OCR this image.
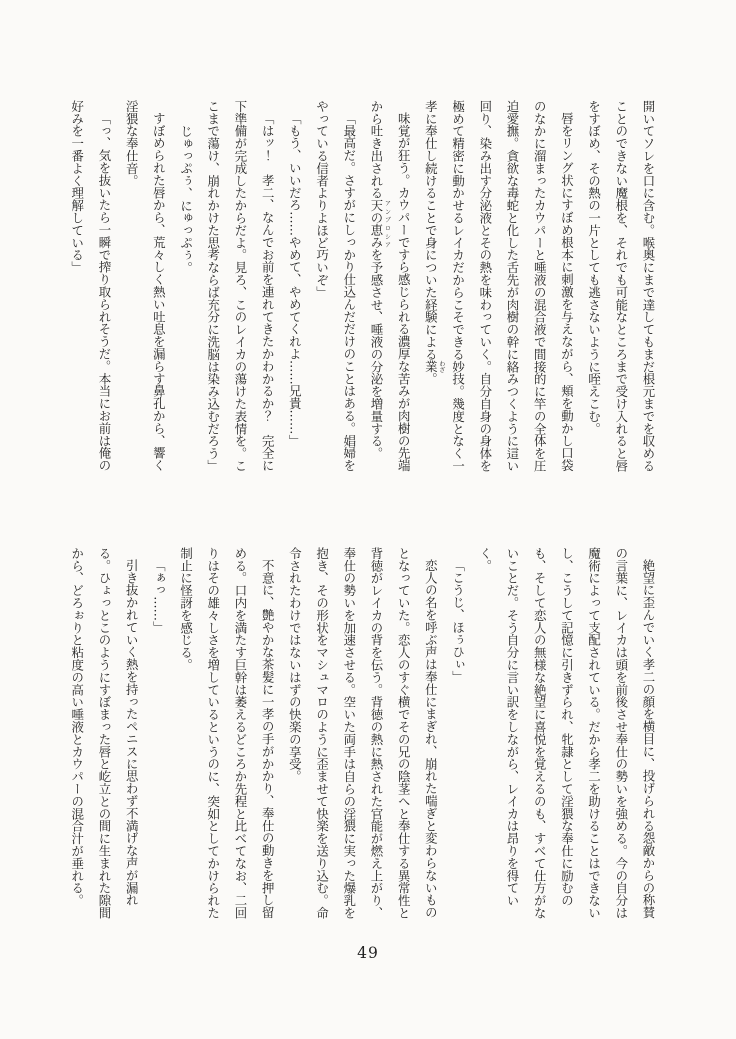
開いてソレを口に含む。喉奥にまで達してもまだ根元までを収めることのできない魔根を、それでも可能なところまで受け入れると唇をすぼめ、その熱の一片としても逃さないように咥えこむ。

唇をリング状にすぼめ根本に刺激を与えながら、頬を動かし口袋のなかに溜まったカウパーと唾液の混合液で間接的に竿の全体を圧迫愛撫。貪欲な毒蛇と化した舌先が肉樹の幹に絡みつくように這い回り、染み出す分泌液とその熱を味わっていく。自分自身の身体を極めて精密に動かせるレイカだからこそできる妙技。幾度となく一孝に奉仕し続けることで身についた経験による業 わざ。

味覚が狂う。カウパーですら感じられる濃厚な苦みが肉樹の先端から吐き出される天の恵み アンブロシアを予感させ、唾液の分泌を増量する。

「最高だ。さすがにしっかり仕込んだだけのことはある。娼婦をやっている信者よりよほど巧いぞ」

「もう、いいだろ……やめて、やめてくれよ……兄貴……」

「はッ！　孝二、なんでお前を連れてきたかわかるか？　完全に下準備が完成したからだよ。見ろ、このレイカの蕩けた表情を。ここまで蕩け、崩れかけた思考ならば充分に洗脳は染み込むだろう」

じゅっぷぅ、にゅっぷぅ。

すぼめられた唇から、荒々しく熱い吐息を漏らす鼻孔から、響く淫猥な奉仕音。

「っ、気を抜いたら一瞬で搾り取られそうだ。本当にお前は俺の好みを一番よく理解している」

絶望に歪んでいく孝二の顔を横目に、投げられる怨敵からの称賛の言葉に、レイカは頭を前後させ奉仕の勢いを強める。今の自分は魔術によって支配されている。だから孝二を助けることはできないし、こうして記憶に引きずられ、牝隷として淫猥な奉仕に励むのも、そして恋人の無様な絶望に喜悦を覚えるのも、すべて仕方がないことだ。そう自分に言い訳をしながら、レイカは昂りを得ていく。

「こうじ、ほぅひぃ」

恋人の名を呼ぶ声は奉仕にまぎれ、崩れた喘ぎと変わらないものとなっていた。恋人のすぐ横でその兄の陰茎へと奉仕する異常性と背徳がレイカの背を伝う。背徳の熱に熱された官能が燃え上がり、奉仕の勢いを加速させる。空いた両手は自らの淫猥に実った爆乳を抱き、その形状をマシュマロのように歪ませて快楽を送り込む。命令されたわけではないはずの快楽の享受。

不意に、艶やかな茶髪に一孝の手がかかり、奉仕の動きを押し留める。口内を満たす巨幹は萎えるどころか先程と比べてなお、二回りはその雄々しさを増しているというのに、突如としてかけられた制止に怪訝を感じる。

「ぁっ……」

引き抜かれていく熱を持ったペニスに思わず不満げな声が漏れる。ひょっとこのようにすぼまった唇と屹立との間に生まれた隙間から、どろぉりと粘度の高い唾液とカウパーの混合汁が垂れる。

49
